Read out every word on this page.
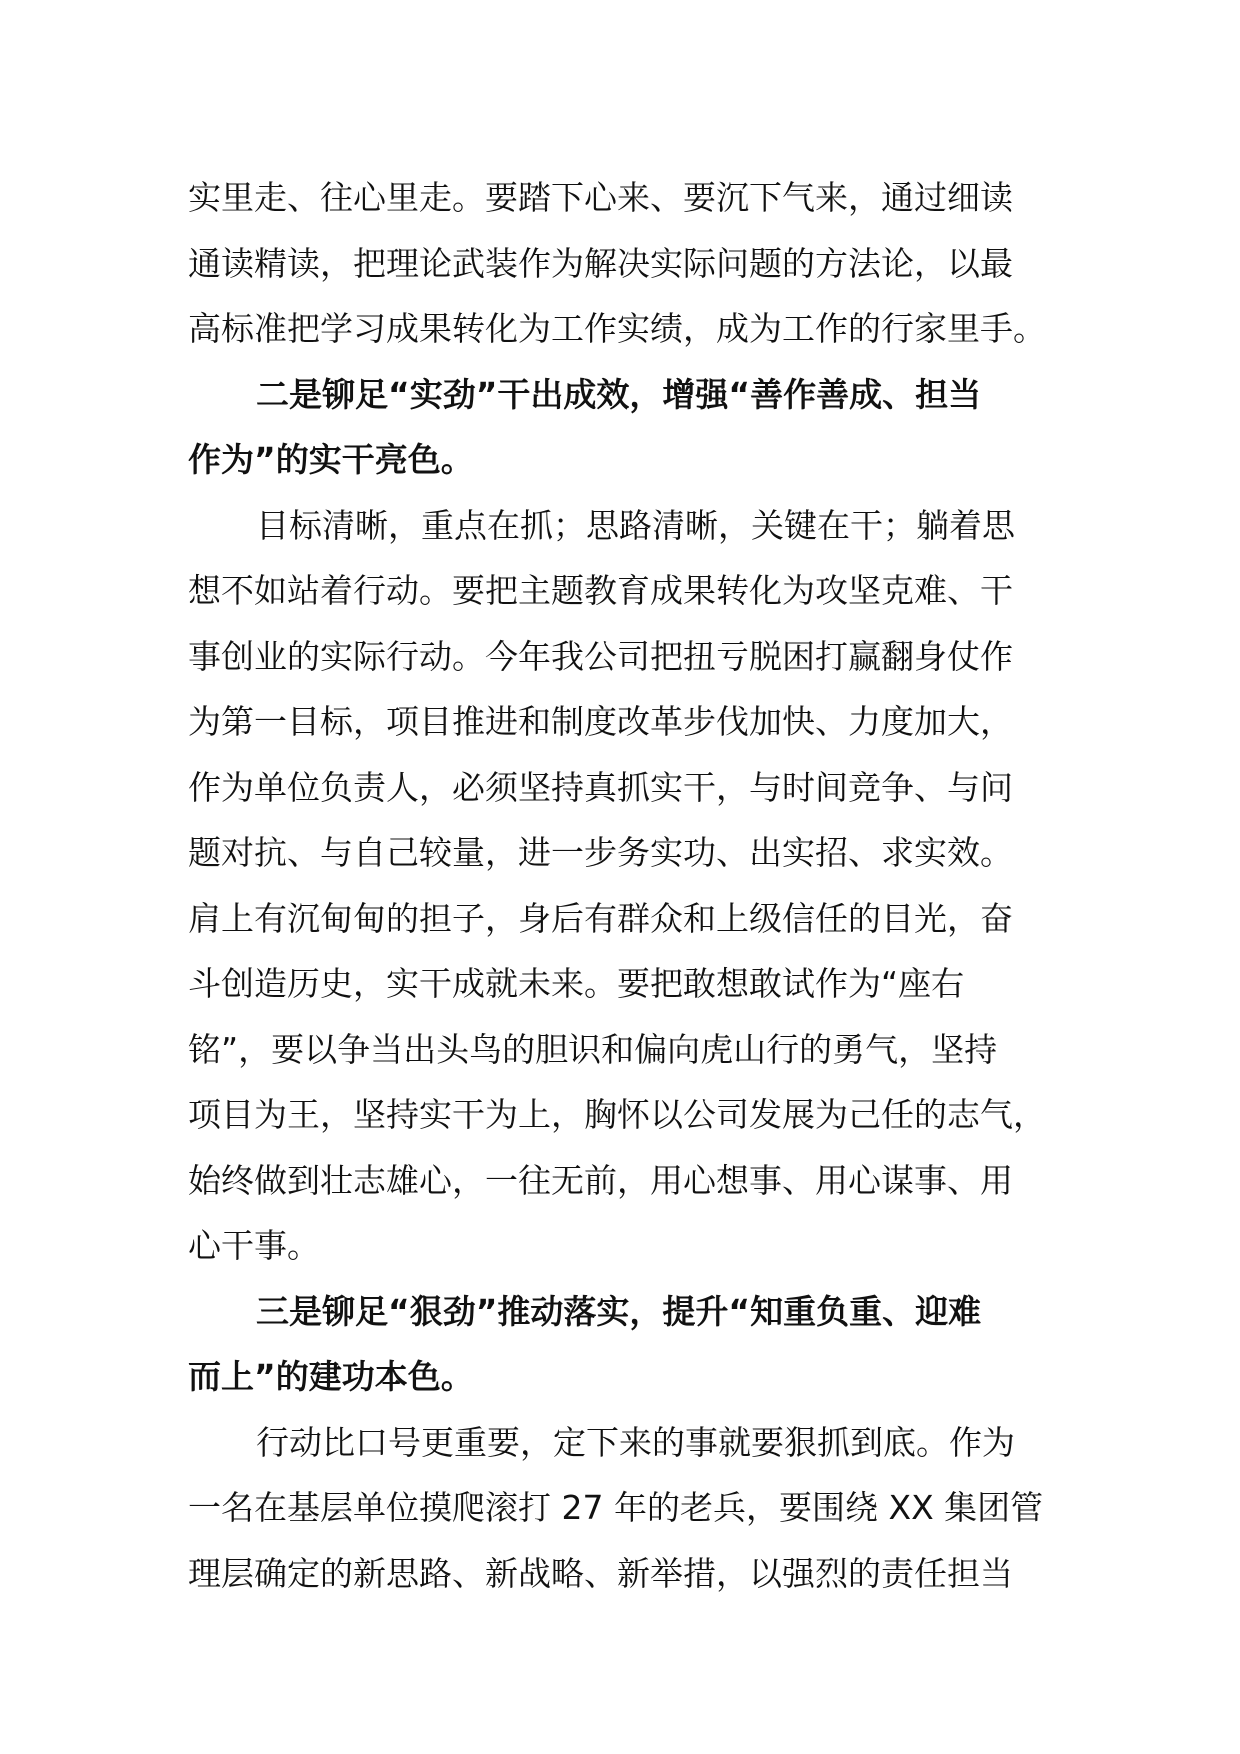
实里走、往心里走。要踏下心来、要沉下气来，通过细读
通读精读，把理论武装作为解决实际问题的方法论，以最
高标准把学习成果转化为工作实绩，成为工作的行家里手。
二是铆足“实劲”干出成效，增强“善作善成、担当
作为”的实干亮色。
目标清晰，重点在抓；思路清晰，关键在干；躺着思
想不如站着行动。要把主题教育成果转化为攻坚克难、干
事创业的实际行动。今年我公司把扭亏脱困打赢翻身仗作
为第一目标，项目推进和制度改革步伐加快、力度加大，
作为单位负责人，必须坚持真抓实干，与时间竞争、与问
题对抗、与自己较量，进一步务实功、出实招、求实效。
肩上有沉甸甸的担子，身后有群众和上级信任的目光，奋
斗创造历史，实干成就未来。要把敢想敢试作为“座右
铭”，要以争当出头鸟的胆识和偏向虎山行的勇气，坚持
项目为王，坚持实干为上，胸怀以公司发展为己任的志气，
始终做到壮志雄心，一往无前，用心想事、用心谋事、用
心干事。
三是铆足“狠劲”推动落实，提升“知重负重、迎难
而上”的建功本色。
行动比口号更重要，定下来的事就要狠抓到底。作为
一名在基层单位摸爬滚打 27 年的老兵，要围绕 XX 集团管
理层确定的新思路、新战略、新举措，以强烈的责任担当
